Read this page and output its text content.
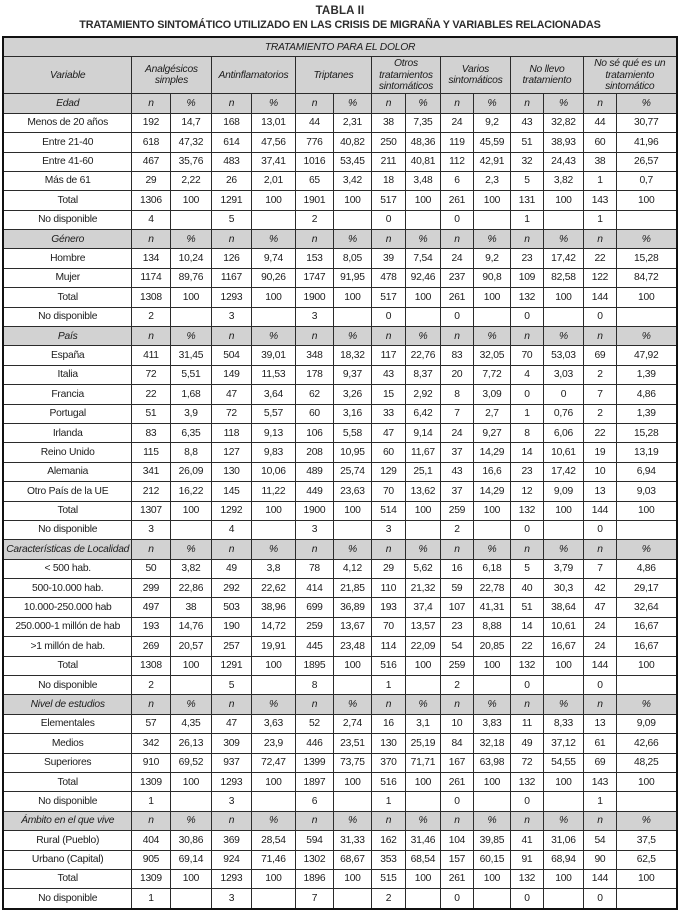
TABLA II
TRATAMIENTO SINTOMÁTICO UTILIZADO EN LAS CRISIS DE MIGRAÑA Y VARIABLES RELACIONADAS
TRATAMIENTO PARA EL DOLOR														
Variable	Analgésicos simples		Antinflamatorios		Triptanes		Otros tratamientos sintomáticos		Varios sintomáticos		No llevo tratamiento		No sé qué es un tratamiento sintomático	
Edad	n	%	n	%	n	%	n	%	n	%	n	%	n	%
Menos de 20 años	192	14,7	168	13,01	44	2,31	38	7,35	24	9,2	43	32,82	44	30,77
Entre 21-40	618	47,32	614	47,56	776	40,82	250	48,36	119	45,59	51	38,93	60	41,96
Entre 41-60	467	35,76	483	37,41	1016	53,45	211	40,81	112	42,91	32	24,43	38	26,57
Más de 61	29	2,22	26	2,01	65	3,42	18	3,48	6	2,3	5	3,82	1	0,7
Total	1306	100	1291	100	1901	100	517	100	261	100	131	100	143	100
No disponible	4		5		2		0		0		1		1	
Género	n	%	n	%	n	%	n	%	n	%	n	%	n	%
Hombre	134	10,24	126	9,74	153	8,05	39	7,54	24	9,2	23	17,42	22	15,28
Mujer	1174	89,76	1167	90,26	1747	91,95	478	92,46	237	90,8	109	82,58	122	84,72
Total	1308	100	1293	100	1900	100	517	100	261	100	132	100	144	100
No disponible	2		3		3		0		0		0		0	
País	n	%	n	%	n	%	n	%	n	%	n	%	n	%
España	411	31,45	504	39,01	348	18,32	117	22,76	83	32,05	70	53,03	69	47,92
Italia	72	5,51	149	11,53	178	9,37	43	8,37	20	7,72	4	3,03	2	1,39
Francia	22	1,68	47	3,64	62	3,26	15	2,92	8	3,09	0	0	7	4,86
Portugal	51	3,9	72	5,57	60	3,16	33	6,42	7	2,7	1	0,76	2	1,39
Irlanda	83	6,35	118	9,13	106	5,58	47	9,14	24	9,27	8	6,06	22	15,28
Reino Unido	115	8,8	127	9,83	208	10,95	60	11,67	37	14,29	14	10,61	19	13,19
Alemania	341	26,09	130	10,06	489	25,74	129	25,1	43	16,6	23	17,42	10	6,94
Otro País de la UE	212	16,22	145	11,22	449	23,63	70	13,62	37	14,29	12	9,09	13	9,03
Total	1307	100	1292	100	1900	100	514	100	259	100	132	100	144	100
No disponible	3		4		3		3		2		0		0	
Características de Localidad	n	%	n	%	n	%	n	%	n	%	n	%	n	%
< 500 hab.	50	3,82	49	3,8	78	4,12	29	5,62	16	6,18	5	3,79	7	4,86
500-10.000 hab.	299	22,86	292	22,62	414	21,85	110	21,32	59	22,78	40	30,3	42	29,17
10.000-250.000 hab	497	38	503	38,96	699	36,89	193	37,4	107	41,31	51	38,64	47	32,64
250.000-1 millón de hab	193	14,76	190	14,72	259	13,67	70	13,57	23	8,88	14	10,61	24	16,67
>1 millón de hab.	269	20,57	257	19,91	445	23,48	114	22,09	54	20,85	22	16,67	24	16,67
Total	1308	100	1291	100	1895	100	516	100	259	100	132	100	144	100
No disponible	2		5		8		1		2		0		0	
Nivel de estudios	n	%	n	%	n	%	n	%	n	%	n	%	n	%
Elementales	57	4,35	47	3,63	52	2,74	16	3,1	10	3,83	11	8,33	13	9,09
Medios	342	26,13	309	23,9	446	23,51	130	25,19	84	32,18	49	37,12	61	42,66
Superiores	910	69,52	937	72,47	1399	73,75	370	71,71	167	63,98	72	54,55	69	48,25
Total	1309	100	1293	100	1897	100	516	100	261	100	132	100	143	100
No disponible	1		3		6		1		0		0		1	
Ámbito en el que vive	n	%	n	%	n	%	n	%	n	%	n	%	n	%
Rural (Pueblo)	404	30,86	369	28,54	594	31,33	162	31,46	104	39,85	41	31,06	54	37,5
Urbano (Capital)	905	69,14	924	71,46	1302	68,67	353	68,54	157	60,15	91	68,94	90	62,5
Total	1309	100	1293	100	1896	100	515	100	261	100	132	100	144	100
No disponible	1		3		7		2		0		0		0	
